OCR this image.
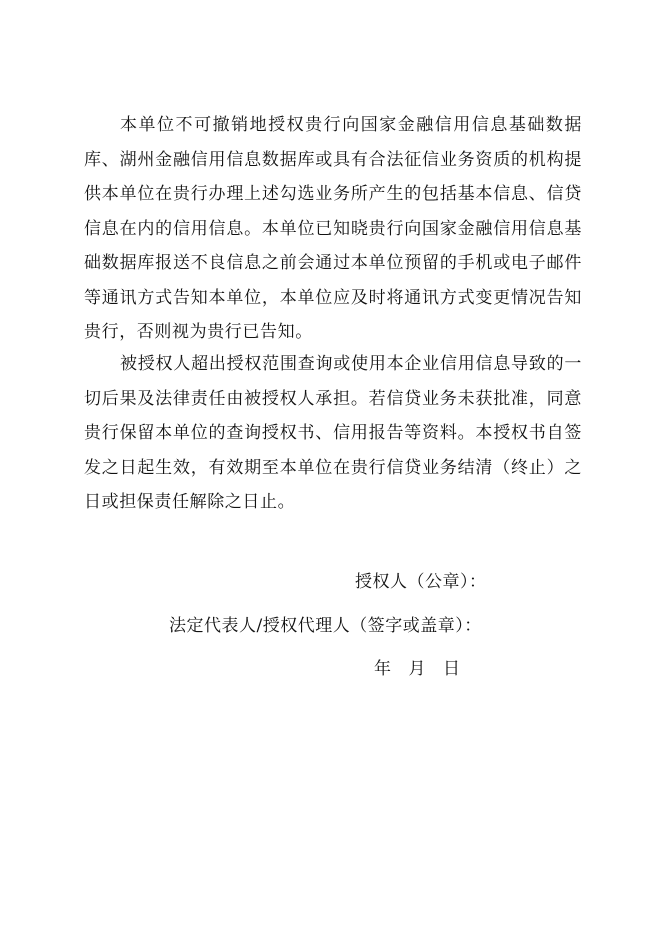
本单位不可撤销地授权贵行向国家金融信用信息基础数据库、湖州金融信用信息数据库或具有合法征信业务资质的机构提供本单位在贵行办理上述勾选业务所产生的包括基本信息、信贷信息在内的信用信息。本单位已知晓贵行向国家金融信用信息基础数据库报送不良信息之前会通过本单位预留的手机或电子邮件等通讯方式告知本单位，本单位应及时将通讯方式变更情况告知贵行，否则视为贵行已告知。

被授权人超出授权范围查询或使用本企业信用信息导致的一切后果及法律责任由被授权人承担。若信贷业务未获批准，同意贵行保留本单位的查询授权书、信用报告等资料。本授权书自签发之日起生效，有效期至本单位在贵行信贷业务结清（终止）之日或担保责任解除之日止。

授权人（公章）：

法定代表人/授权代理人（签字或盖章）：

年 月 日
